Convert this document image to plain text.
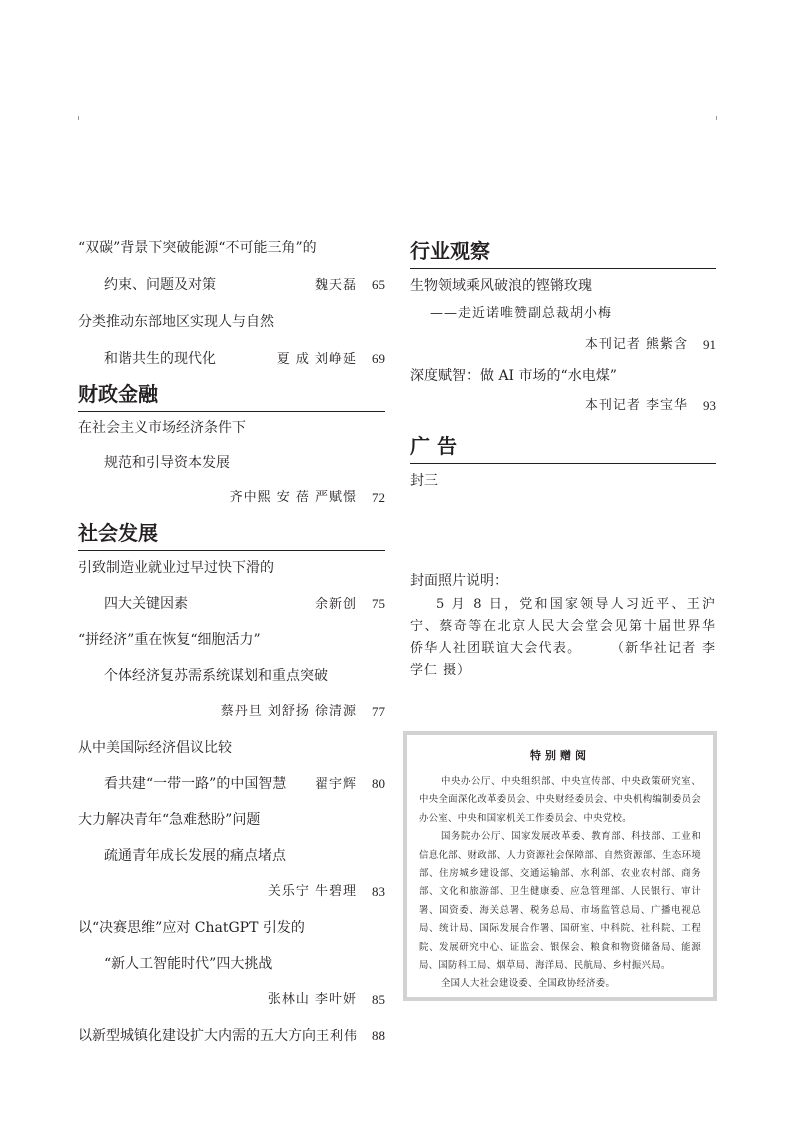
“双碳”背景下突破能源“不可能三角”的
约束、问题及对策	魏天磊 65
分类推动东部地区实现人与自然
和谐共生的现代化	夏 成 刘峥延 69
财政金融
在社会主义市场经济条件下
规范和引导资本发展
齐中熙 安 蓓 严赋憬 72
社会发展
引致制造业就业过早过快下滑的
四大关键因素	余新创 75
“拼经济”重在恢复“细胞活力”
个体经济复苏需系统谋划和重点突破
蔡丹旦 刘舒扬 徐清源 77
从中美国际经济倡议比较
看共建“一带一路”的中国智慧 翟宇辉 80
大力解决青年“急难愁盼”问题
疏通青年成长发展的痛点堵点
关乐宁 牛碧理 83
以“决赛思维”应对 ChatGPT 引发的
“新人工智能时代”四大挑战
张林山 李叶妍 85
以新型城镇化建设扩大内需的五大方向 王利伟 88
行业观察
生物领域乘风破浪的铿锵玫瑰
——走近诺唯赞副总裁胡小梅
本刊记者 熊紫含 91
深度赋智：做 AI 市场的“水电煤”
本刊记者 李宝华 93
广 告
封三
封面照片说明：
5 月 8 日，党和国家领导人习近平、王沪宁、蔡奇等在北京人民大会堂会见第十届世界华侨华人社团联谊大会代表。	（新华社记者 李学仁 摄）
特别赠阅

中央办公厅、中央组织部、中央宣传部、中央政策研究室、中央全面深化改革委员会、中央财经委员会、中央机构编制委员会办公室、中央和国家机关工作委员会、中央党校。

国务院办公厅、国家发展改革委、教育部、科技部、工业和信息化部、财政部、人力资源社会保障部、自然资源部、生态环境部、住房城乡建设部、交通运输部、水利部、农业农村部、商务部、文化和旅游部、卫生健康委、应急管理部、人民银行、审计署、国资委、海关总署、税务总局、市场监管总局、广播电视总局、统计局、国际发展合作署、国研室、中科院、社科院、工程院、发展研究中心、证监会、银保会、粮食和物资储备局、能源局、国防科工局、烟草局、海洋局、民航局、乡村振兴局。

全国人大社会建设委、全国政协经济委。
